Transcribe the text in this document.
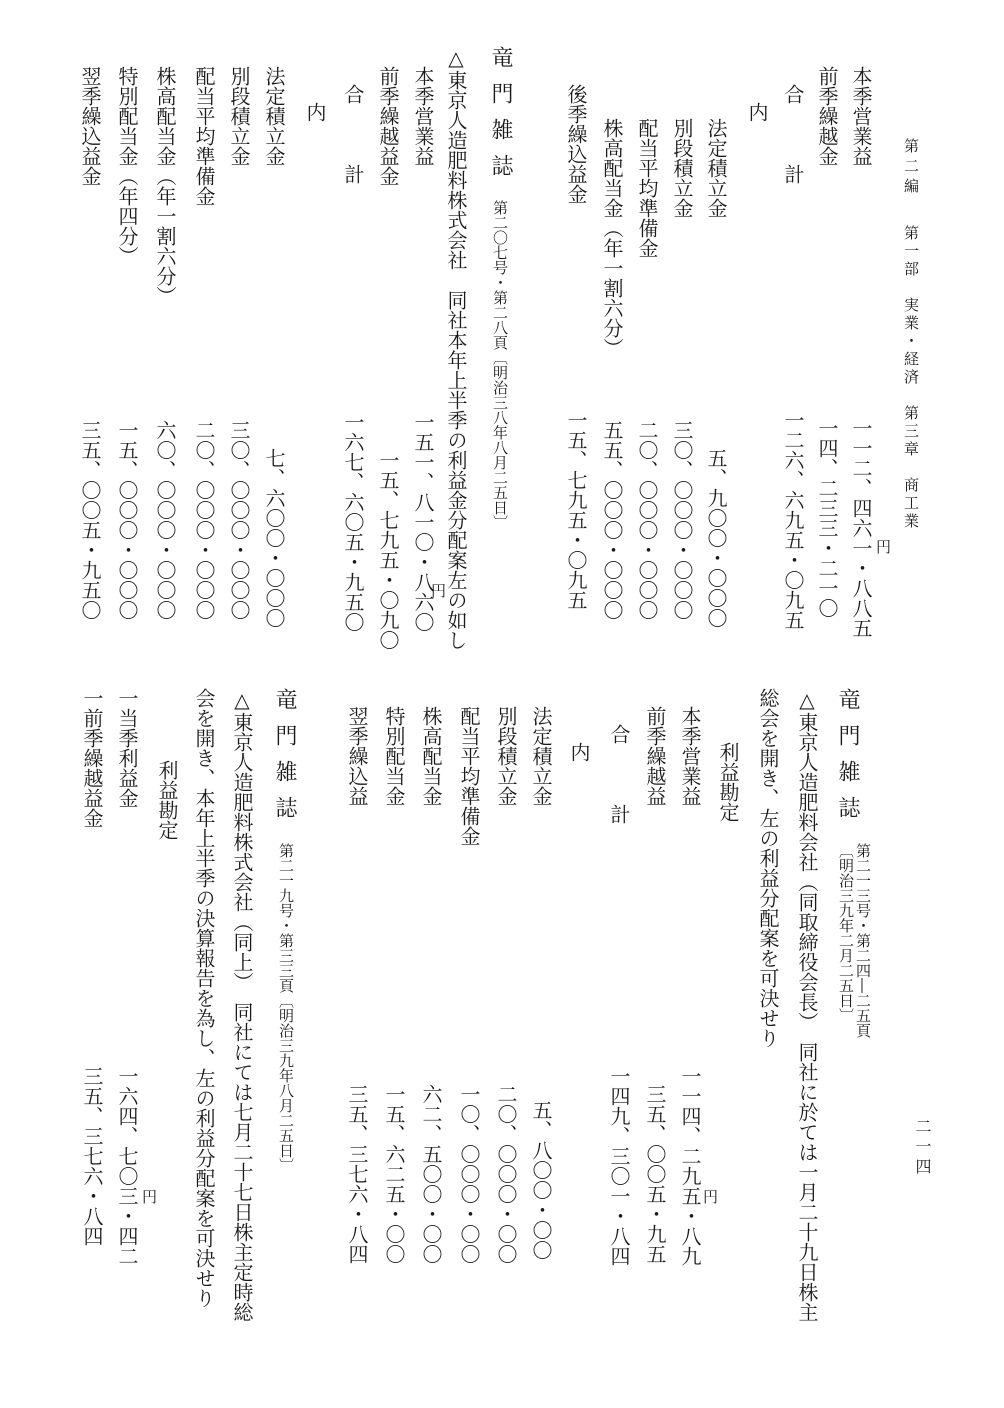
第二編
第一部　実業・経済
第三章　商工業
二一四
本季営業益
前季繰越金
合　計
内
法定積立金
別段積立金
配当平均準備金
株高配当金（年一割六分）
後季繰込益金
円
一一二、四六一・八八五
一四、二三三・二一〇
一二六、六九五・〇九五
五、九〇〇・〇〇〇
三〇、〇〇〇・〇〇〇
二〇、〇〇〇・〇〇〇
五五、〇〇〇・〇〇〇
一五、七九五・〇九五
竜門雑誌
第二〇七号・第二八頁〔明治三八年八月二五日〕
△東京人造肥料株式会社　同社本年上半季の利益金分配案左の如し
本季営業益
前季繰越益金
合　計
内
法定積立金
別段積立金
配当平均準備金
株高配当金（年一割六分）
特別配当金（年四分）
翌季繰込益金
円
一五一、八一〇・八六〇
一五、七九五・〇九〇
一六七、六〇五・九五〇
七、六〇〇・〇〇〇
三〇、〇〇〇・〇〇〇
二〇、〇〇〇・〇〇〇
六〇、〇〇〇・〇〇〇
一五、〇〇〇・〇〇〇
三五、〇〇五・九五〇
竜門雑誌
第二一三号・第二四―二五頁
〔明治三九年二月二五日〕
△東京人造肥料会社（同取締役会長）　同社に於ては一月二十九日株主
総会を開き、左の利益分配案を可決せり
利益勘定
本季営業益
前季繰越益
合　計
内
法定積立金
別段積立金
配当平均準備金
株高配当金
特別配当金
翌季繰込益
円
一一四、二九五・八九
三五、〇〇五・九五
一四九、三〇一・八四
五、八〇〇・〇〇
二〇、〇〇〇・〇〇
一〇、〇〇〇・〇〇
六二、五〇〇・〇〇
一五、六二五・〇〇
三五、三七六・八四
竜門雑誌
第二一九号・第三三頁〔明治三九年八月二五日〕
△東京人造肥料株式会社（同上）　同社にては七月二十七日株主定時総
会を開き、本年上半季の決算報告を為し、左の利益分配案を可決せり
利益勘定
一当季利益金
一前季繰越益金
円
一六四、七〇三・四二
三五、三七六・八四
